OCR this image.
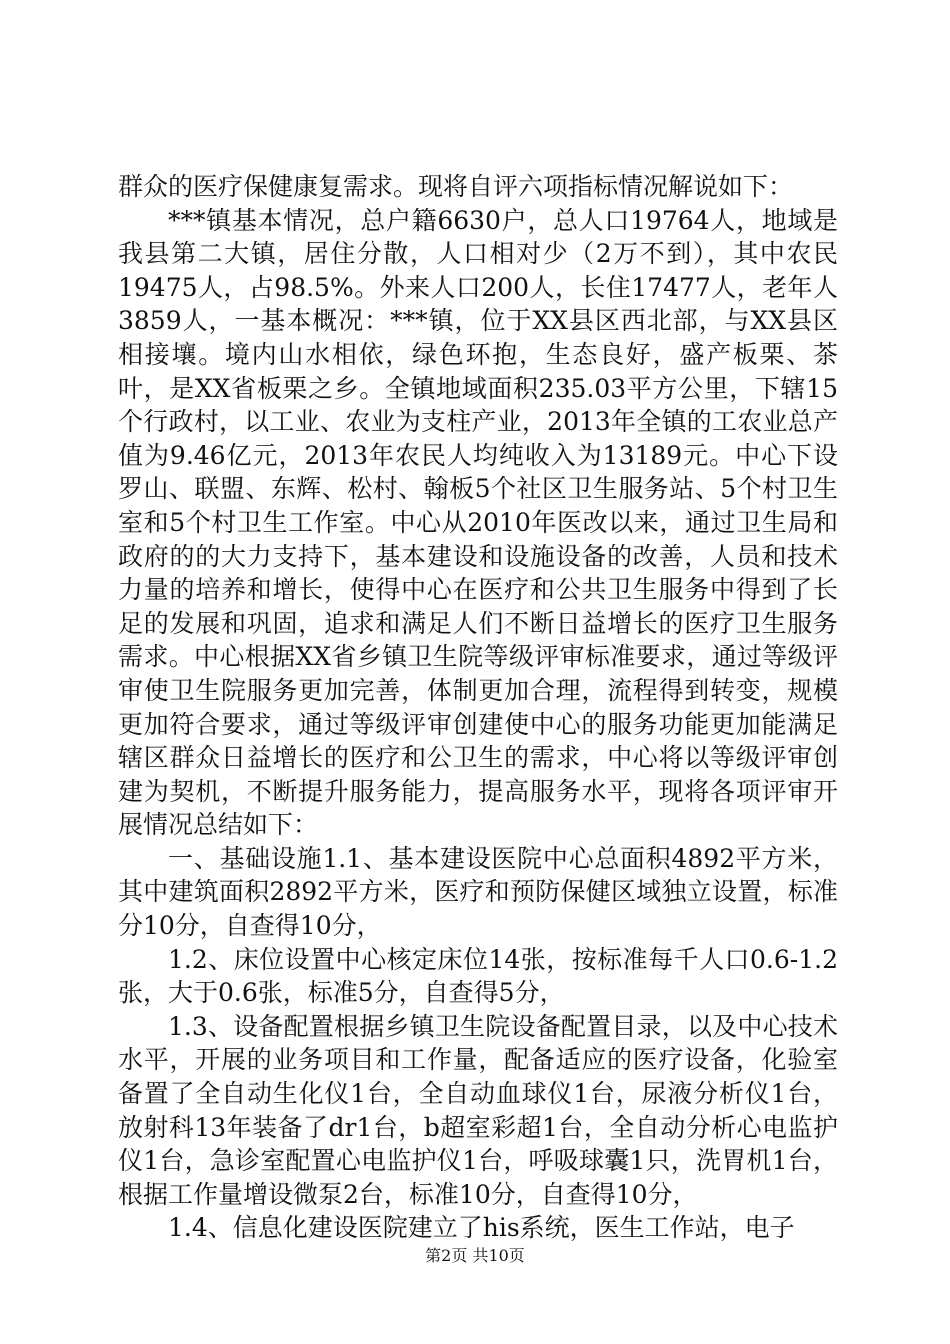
群众的医疗保健康复需求。现将自评六项指标情况解说如下：

***镇基本情况，总户籍6630户，总人口19764人，地域是我县第二大镇，居住分散，人口相对少（2万不到），其中农民19475人，占98.5%。外来人口200人，长住17477人，老年人3859人，一基本概况：***镇，位于XX县区西北部，与XX县区相接壤。境内山水相依，绿色环抱，生态良好，盛产板栗、茶叶，是XX省板栗之乡。全镇地域面积235.03平方公里，下辖15个行政村，以工业、农业为支柱产业，2013年全镇的工农业总产值为9.46亿元，2013年农民人均纯收入为13189元。中心下设罗山、联盟、东辉、松村、翰板5个社区卫生服务站、5个村卫生室和5个村卫生工作室。中心从2010年医改以来，通过卫生局和政府的的大力支持下，基本建设和设施设备的改善，人员和技术力量的培养和增长，使得中心在医疗和公共卫生服务中得到了长足的发展和巩固，追求和满足人们不断日益增长的医疗卫生服务需求。中心根据XX省乡镇卫生院等级评审标准要求，通过等级评审使卫生院服务更加完善，体制更加合理，流程得到转变，规模更加符合要求，通过等级评审创建使中心的服务功能更加能满足辖区群众日益增长的医疗和公卫生的需求，中心将以等级评审创建为契机，不断提升服务能力，提高服务水平，现将各项评审开展情况总结如下：

一、基础设施1.1、基本建设医院中心总面积4892平方米，其中建筑面积2892平方米，医疗和预防保健区域独立设置，标准分10分，自查得10分，

1.2、床位设置中心核定床位14张，按标准每千人口0.6-1.2张，大于0.6张，标准5分，自查得5分，

1.3、设备配置根据乡镇卫生院设备配置目录，以及中心技术水平，开展的业务项目和工作量，配备适应的医疗设备，化验室备置了全自动生化仪1台，全自动血球仪1台，尿液分析仪1台，放射科13年装备了dr1台，b超室彩超1台，全自动分析心电监护仪1台，急诊室配置心电监护仪1台，呼吸球囊1只，洗胃机1台，根据工作量增设微泵2台，标准10分，自查得10分，

1.4、信息化建设医院建立了his系统，医生工作站，电子

第2页 共10页
